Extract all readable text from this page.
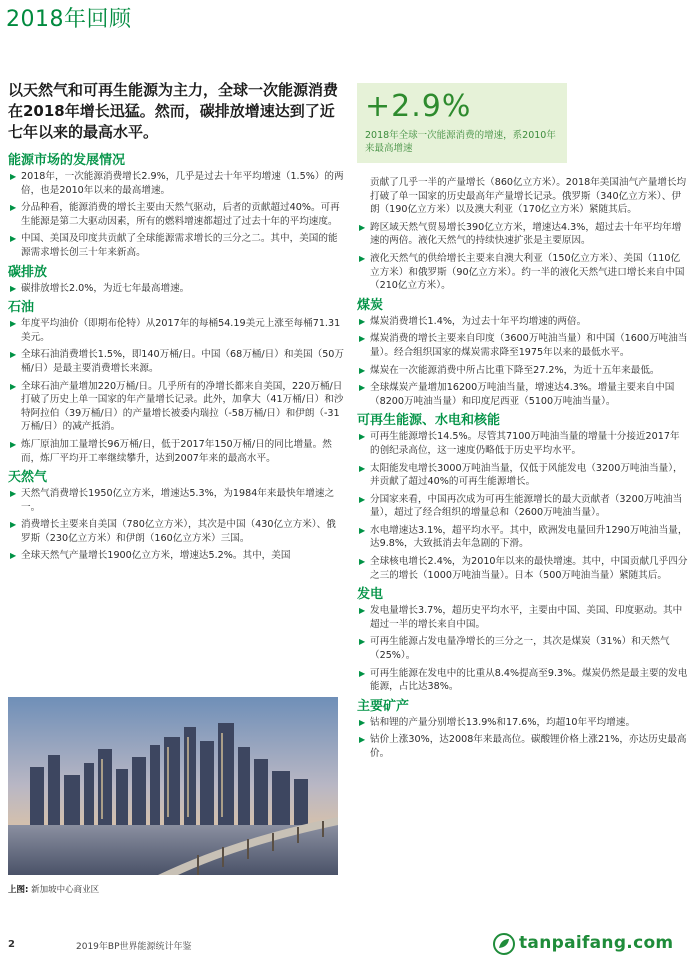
2018年回顾
以天然气和可再生能源为主力，全球一次能源消费在2018年增长迅猛。然而，碳排放增速达到了近七年以来的最高水平。
+2.9%
2018年全球一次能源消费的增速，系2010年来最高增速
能源市场的发展情况
▶ 2018年，一次能源消费增长2.9%，几乎是过去十年平均增速（1.5%）的两倍，也是2010年以来的最高增速。
▶ 分品种看，能源消费的增长主要由天然气驱动，后者的贡献超过40%。可再生能源是第二大驱动因素，所有的燃料增速都超过了过去十年的平均速度。
▶ 中国、美国及印度共贡献了全球能源需求增长的三分之二。其中，美国的能源需求增长创三十年来新高。
碳排放
▶ 碳排放增长2.0%，为近七年最高增速。
石油
▶ 年度平均油价（即期布伦特）从2017年的每桶54.19美元上涨至每桶71.31美元。
▶ 全球石油消费增长1.5%，即140万桶/日。中国（68万桶/日）和美国（50万桶/日）是最主要消费增长来源。
▶ 全球石油产量增加220万桶/日。几乎所有的净增长都来自美国，220万桶/日打破了历史上单一国家的年产量增长记录。此外，加拿大（41万桶/日）和沙特阿拉伯（39万桶/日）的产量增长被委内瑞拉（-58万桶/日）和伊朗（-31万桶/日）的减产抵消。
▶ 炼厂原油加工量增长96万桶/日，低于2017年150万桶/日的同比增量。然而，炼厂平均开工率继续攀升，达到2007年来的最高水平。
天然气
▶ 天然气消费增长1950亿立方米，增速达5.3%，为1984年来最快年增速之一。
▶ 消费增长主要来自美国（780亿立方米），其次是中国（430亿立方米）、俄罗斯（230亿立方米）和伊朗（160亿立方米）三国。
▶ 全球天然气产量增长1900亿立方米，增速达5.2%。其中，美国
上图: 新加坡中心商业区
贡献了几乎一半的产量增长（860亿立方米）。2018年美国油气产量增长均打破了单一国家的历史最高年产量增长记录。俄罗斯（340亿立方米）、伊朗（190亿立方米）以及澳大利亚（170亿立方米）紧随其后。
▶ 跨区域天然气贸易增长390亿立方米，增速达4.3%，超过去十年平均年增速的两倍。液化天然气的持续快速扩张是主要原因。
▶ 液化天然气的供给增长主要来自澳大利亚（150亿立方米）、美国（110亿立方米）和俄罗斯（90亿立方米）。约一半的液化天然气进口增长来自中国（210亿立方米）。
煤炭
▶ 煤炭消费增长1.4%，为过去十年平均增速的两倍。
▶ 煤炭消费的增长主要来自印度（3600万吨油当量）和中国（1600万吨油当量）。经合组织国家的煤炭需求降至1975年以来的最低水平。
▶ 煤炭在一次能源消费中所占比重下降至27.2%，为近十五年来最低。
▶ 全球煤炭产量增加16200万吨油当量，增速达4.3%。增量主要来自中国（8200万吨油当量）和印度尼西亚（5100万吨油当量）。
可再生能源、水电和核能
▶ 可再生能源增长14.5%。尽管其7100万吨油当量的增量十分接近2017年的创纪录高位，这一速度仍略低于历史平均水平。
▶ 太阳能发电增长3000万吨油当量，仅低于风能发电（3200万吨油当量），并贡献了超过40%的可再生能源增长。
▶ 分国家来看，中国再次成为可再生能源增长的最大贡献者（3200万吨油当量），超过了经合组织的增量总和（2600万吨油当量）。
▶ 水电增速达3.1%，超平均水平。其中，欧洲发电量回升1290万吨油当量，达9.8%，大致抵消去年急剧的下滑。
▶ 全球核电增长2.4%，为2010年以来的最快增速。其中，中国贡献几乎四分之三的增长（1000万吨油当量）。日本（500万吨油当量）紧随其后。
发电
▶ 发电量增长3.7%，超历史平均水平，主要由中国、美国、印度驱动。其中超过一半的增长来自中国。
▶ 可再生能源占发电量净增长的三分之一，其次是煤炭（31%）和天然气（25%）。
▶ 可再生能源在发电中的比重从8.4%提高至9.3%。煤炭仍然是最主要的发电能源，占比达38%。
主要矿产
▶ 钴和锂的产量分别增长13.9%和17.6%，均超10年平均增速。
▶ 钴价上涨30%，达2008年来最高位。碳酸锂价格上涨21%，亦达历史最高价。
2	2019年BP世界能源统计年鉴	tanpaifang.com
